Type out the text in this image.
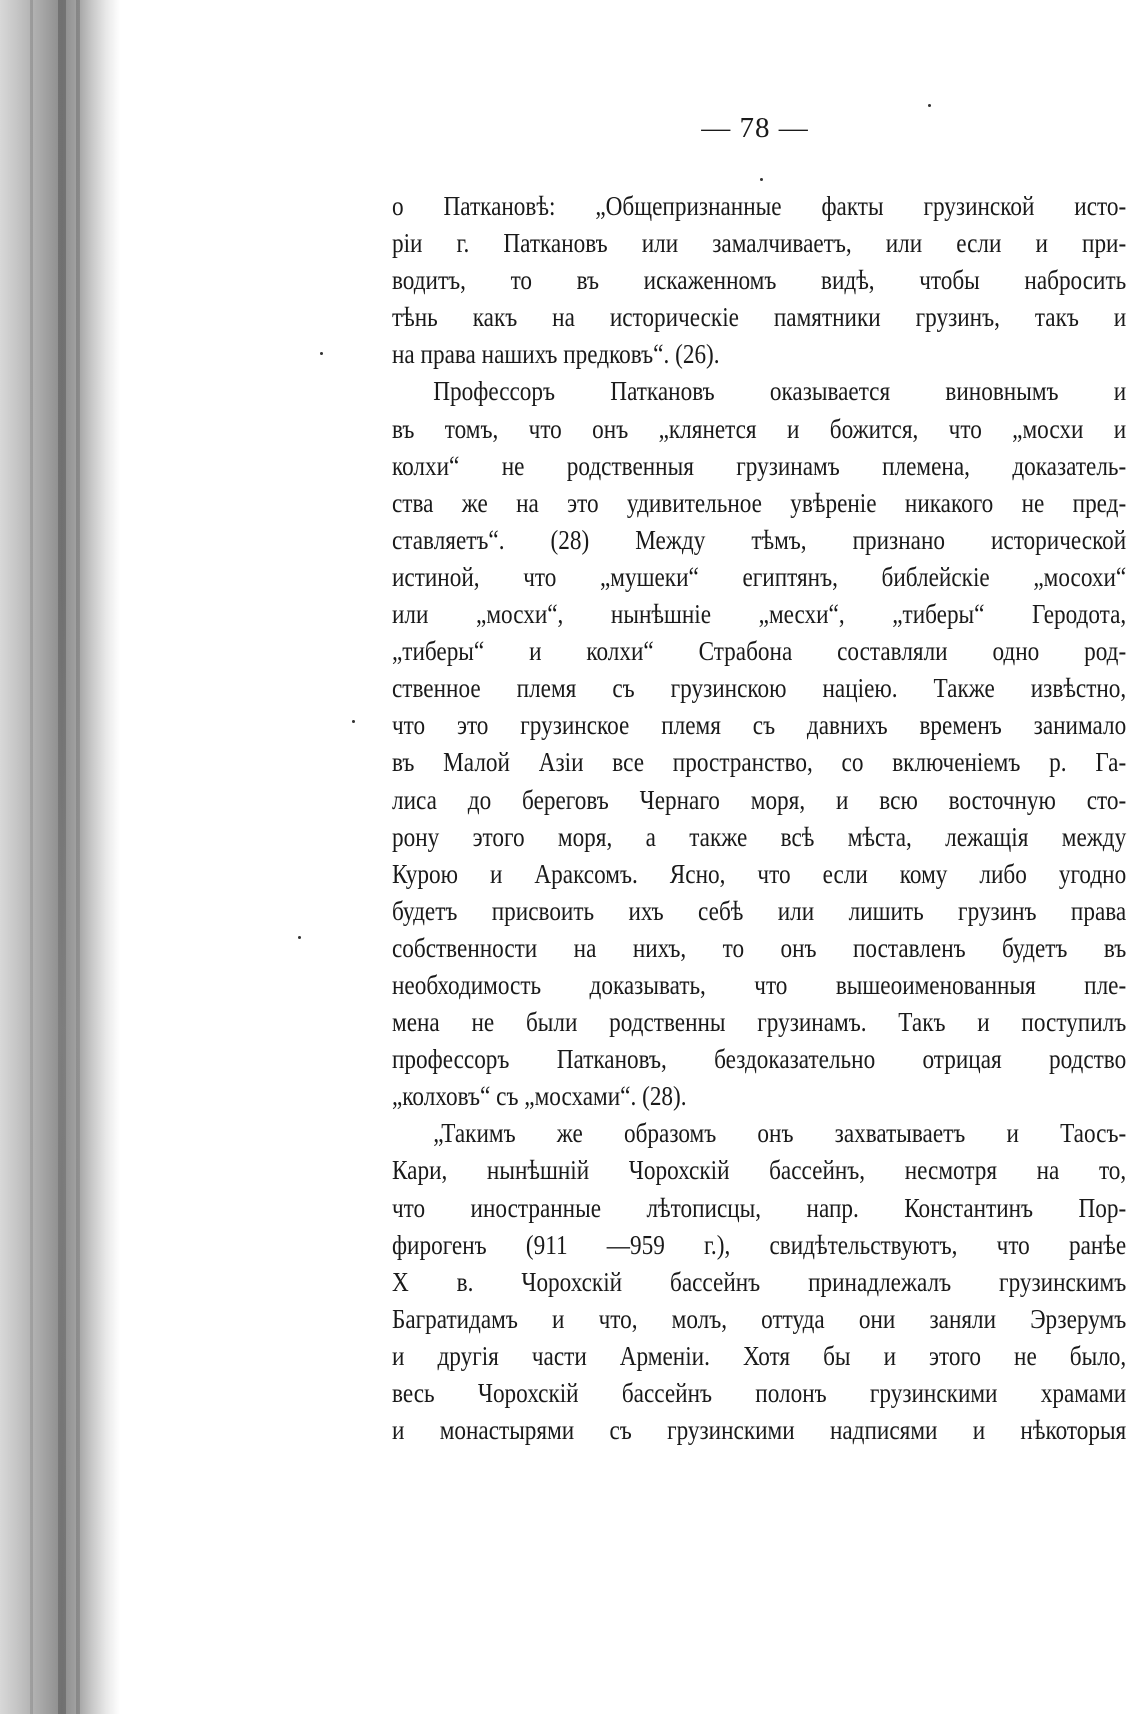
— 78 —
о Паткановѣ: „Общепризнанные факты грузинской исто-
ріи г. Паткановъ или замалчиваетъ, или если и при-
водитъ, то въ искаженномъ видѣ, чтобы набросить
тѣнь какъ на историческіе памятники грузинъ, такъ и
на права нашихъ предковъ“. (26).
Профессоръ Паткановъ оказывается виновнымъ и
въ томъ, что онъ „клянется и божится, что „мосхи и
колхи“ не родственныя грузинамъ племена, доказатель-
ства же на это удивительное увѣреніе никакого не пред-
ставляетъ“. (28) Между тѣмъ, признано исторической
истиной, что „мушеки“ египтянъ, библейскіе „мосохи“
или „мосхи“, нынѣшніе „месхи“, „тиберы“ Геродота,
„тиберы“ и колхи“ Страбона составляли одно род-
ственное племя съ грузинскою націею. Также извѣстно,
что это грузинское племя съ давнихъ временъ занимало
въ Малой Азіи все пространство, со включеніемъ р. Га-
лиса до береговъ Чернаго моря, и всю восточную сто-
рону этого моря, а также всѣ мѣста, лежащія между
Курою и Араксомъ. Ясно, что если кому либо угодно
будетъ присвоить ихъ себѣ или лишить грузинъ права
собственности на нихъ, то онъ поставленъ будетъ въ
необходимость доказывать, что вышеоименованныя пле-
мена не были родственны грузинамъ. Такъ и поступилъ
профессоръ Паткановъ, бездоказательно отрицая родство
„колховъ“ съ „мосхами“. (28).
„Такимъ же образомъ онъ захватываетъ и Таосъ-
Кари, нынѣшній Чорохскій бассейнъ, несмотря на то,
что иностранные лѣтописцы, напр. Константинъ Пор-
фирогенъ (911 —959 г.), свидѣтельствуютъ, что ранѣе
X в. Чорохскій бассейнъ принадлежалъ грузинскимъ
Багратидамъ и что, молъ, оттуда они заняли Эрзерумъ
и другія части Арменіи. Хотя бы и этого не было,
весь Чорохскій бассейнъ полонъ грузинскими храмами
и монастырями съ грузинскими надписями и нѣкоторыя
